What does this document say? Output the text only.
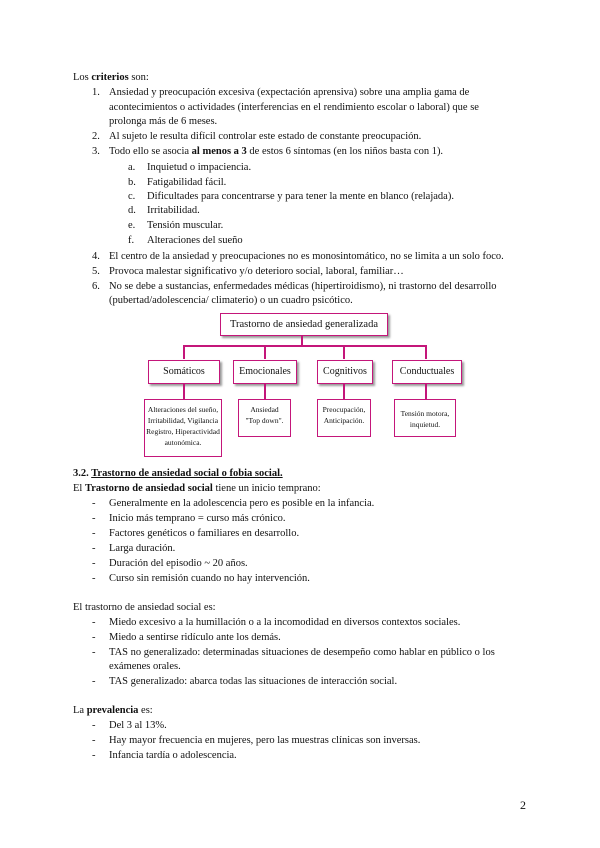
Los criterios son:
1. Ansiedad y preocupación excesiva (expectación aprensiva) sobre una amplia gama de
acontecimientos o actividades (interferencias en el rendimiento escolar o laboral) que se
prolonga más de 6 meses.
2. Al sujeto le resulta difícil controlar este estado de constante preocupación.
3. Todo ello se asocia al menos a 3 de estos 6 síntomas (en los niños basta con 1).
a. Inquietud o impaciencia.
b. Fatigabilidad fácil.
c. Dificultades para concentrarse y para tener la mente en blanco (relajada).
d. Irritabilidad.
e. Tensión muscular.
f. Alteraciones del sueño
4. El centro de la ansiedad y preocupaciones no es monosintomático, no se limita a un solo foco.
5. Provoca malestar significativo y/o deterioro social, laboral, familiar…
6. No se debe a sustancias, enfermedades médicas (hipertiroidismo), ni trastorno del desarrollo
(pubertad/adolescencia/ climaterio) o un cuadro psicótico.
Trastorno de ansiedad generalizada
Somáticos	Emocionales	Cognitivos	Conductuales
Alteraciones del sueño,
Irritabilidad, Vigilancia
Registro, Hiperactividad
autonómica.
Ansiedad
"Top down".
Preocupación,
Anticipación.
Tensión motora,
inquietud.
3.2. Trastorno de ansiedad social o fobia social.
El Trastorno de ansiedad social tiene un inicio temprano:
- Generalmente en la adolescencia pero es posible en la infancia.
- Inicio más temprano = curso más crónico.
- Factores genéticos o familiares en desarrollo.
- Larga duración.
- Duración del episodio ~ 20 años.
- Curso sin remisión cuando no hay intervención.
El trastorno de ansiedad social es:
- Miedo excesivo a la humillación o a la incomodidad en diversos contextos sociales.
- Miedo a sentirse ridículo ante los demás.
- TAS no generalizado: determinadas situaciones de desempeño como hablar en público o los
exámenes orales.
- TAS generalizado: abarca todas las situaciones de interacción social.
La prevalencia es:
- Del 3 al 13%.
- Hay mayor frecuencia en mujeres, pero las muestras clínicas son inversas.
- Infancia tardía o adolescencia.
2
